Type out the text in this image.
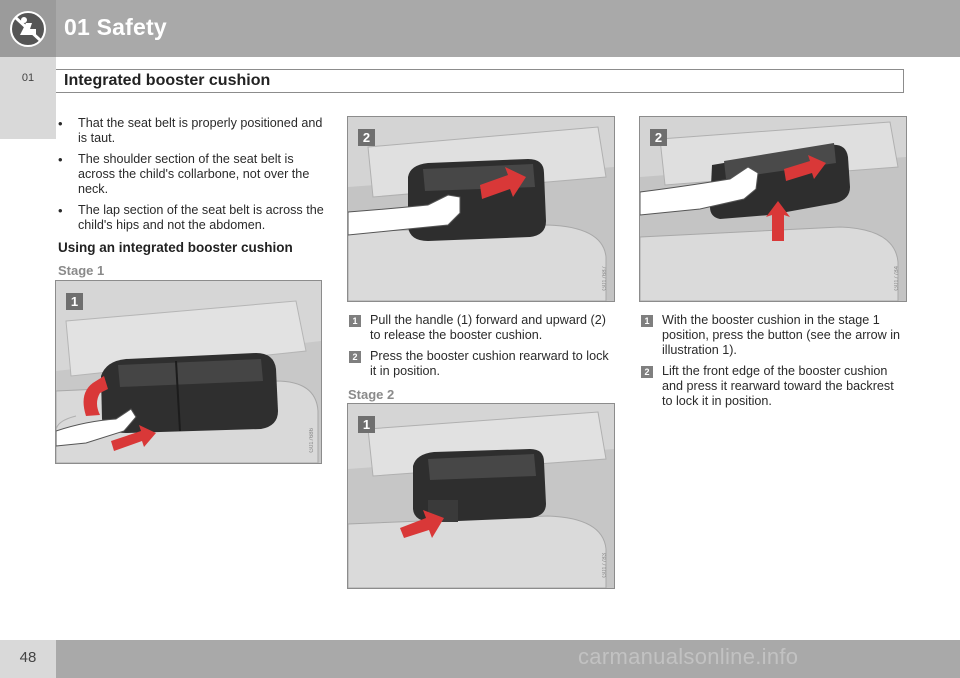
01 Safety
01	Integrated booster cushion
• That the seat belt is properly positioned and is taut.
• The shoulder section of the seat belt is across the child's collarbone, not over the neck.
• The lap section of the seat belt is across the child's hips and not the abdomen.
Using an integrated booster cushion
Stage 1
1
G017686
2
G017687
1 Pull the handle (1) forward and upward (2) to release the booster cushion.
2 Press the booster cushion rearward to lock it in position.
Stage 2
1
G017783
2
G017784
1 With the booster cushion in the stage 1 position, press the button (see the arrow in illustration 1).
2 Lift the front edge of the booster cushion and press it rearward toward the backrest to lock it in position.
48	carmanualsonline.info
